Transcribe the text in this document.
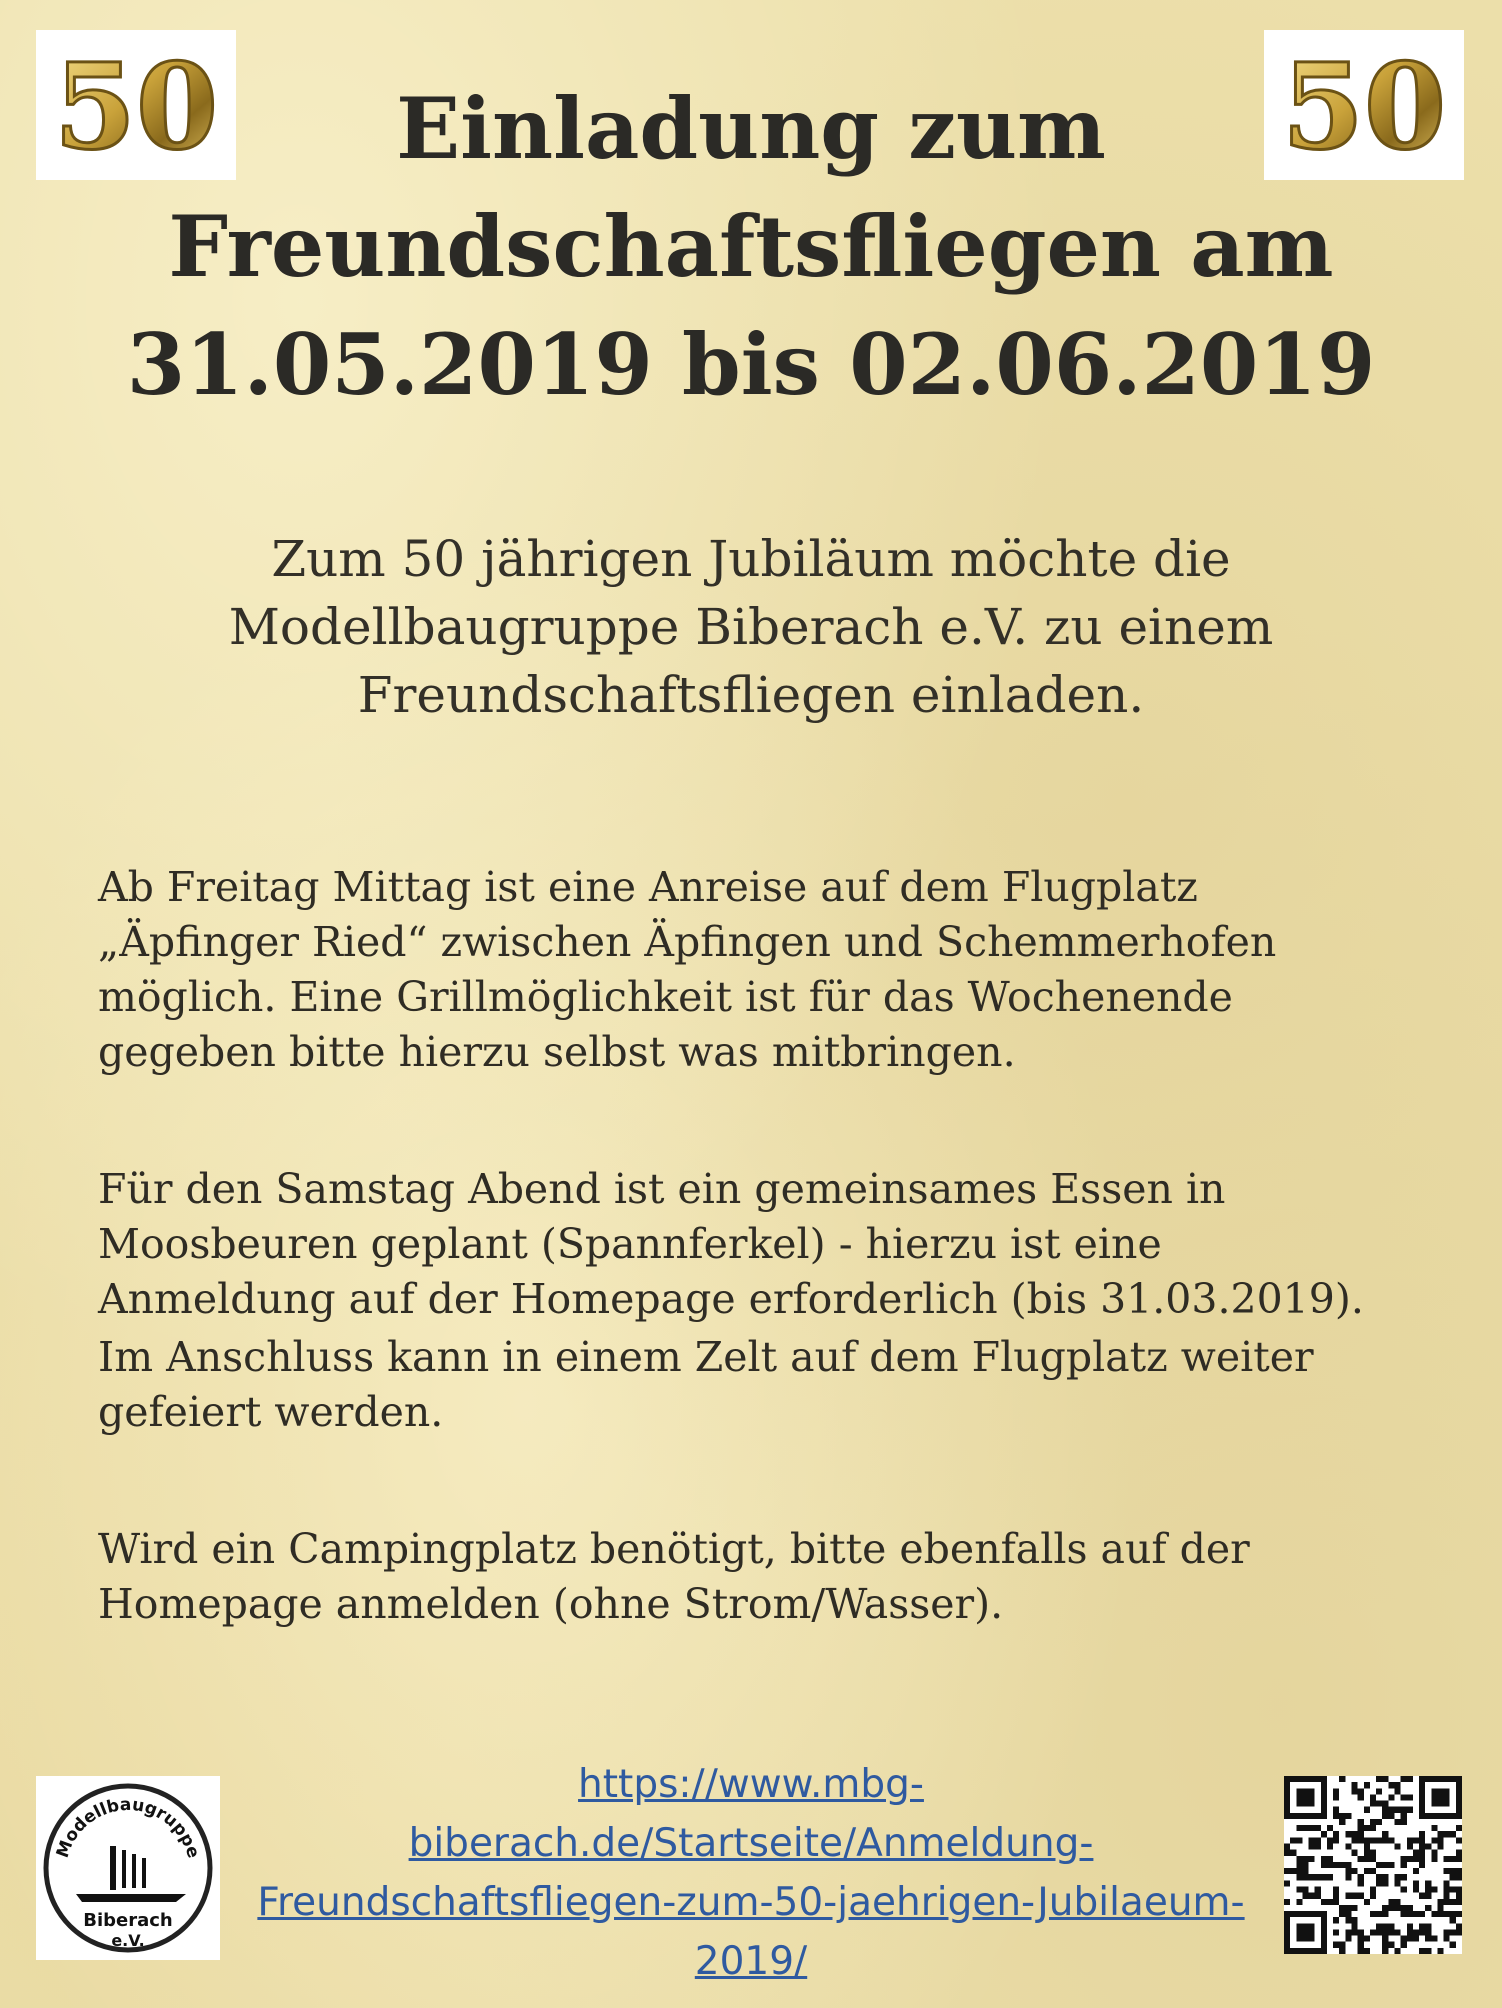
50	50
Einladung zum
Freundschaftsfliegen am
31.05.2019 bis 02.06.2019
Zum 50 jährigen Jubiläum möchte die
Modellbaugruppe Biberach e.V. zu einem
Freundschaftsfliegen einladen.
Ab Freitag Mittag ist eine Anreise auf dem Flugplatz
„Äpfinger Ried“ zwischen Äpfingen und Schemmerhofen
möglich. Eine Grillmöglichkeit ist für das Wochenende
gegeben bitte hierzu selbst was mitbringen.
Für den Samstag Abend ist ein gemeinsames Essen in
Moosbeuren geplant (Spannferkel) - hierzu ist eine
Anmeldung auf der Homepage erforderlich (bis 31.03.2019).
Im Anschluss kann in einem Zelt auf dem Flugplatz weiter
gefeiert werden.
Wird ein Campingplatz benötigt, bitte ebenfalls auf der
Homepage anmelden (ohne Strom/Wasser).
Modellbaugruppe
Biberach
e.V.
https://www.mbg-
biberach.de/Startseite/Anmeldung-
Freundschaftsfliegen-zum-50-jaehrigen-Jubilaeum-
2019/
